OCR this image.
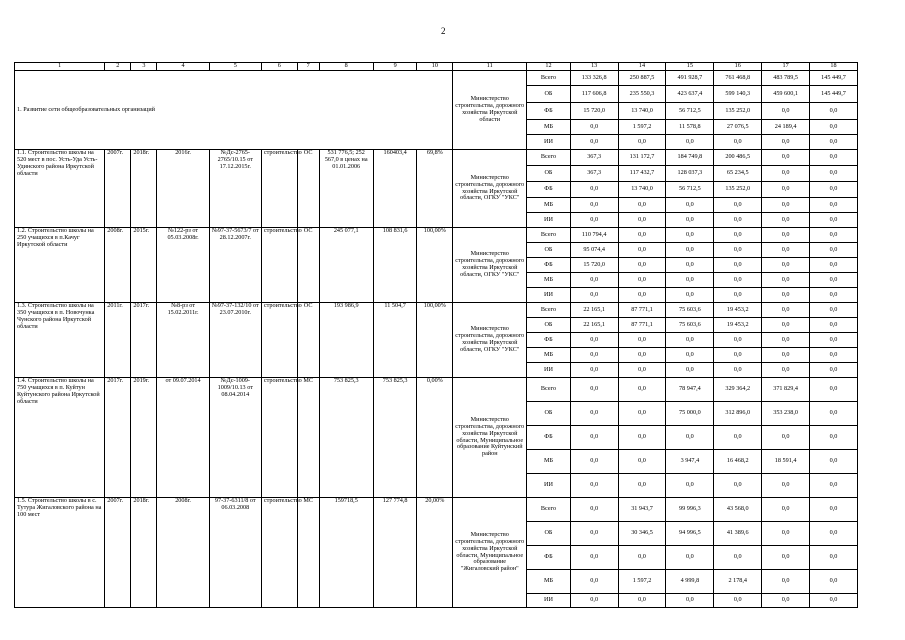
2
1	2	3	4	5	6	7	8	9	10	11	12	13	14	15	16	17	18
1. Развитие сети общеобразовательных организаций										Министерство строительства, дорожного хозяйства Иркутской области	Всего	133 326,8	250 887,5	491 928,7	761 468,8	483 789,5	145 449,7
											ОБ	117 606,8	235 550,3	423 637,4	599 140,3	459 600,1	145 449,7
											ФБ	15 720,0	13 740,0	56 712,5	135 252,0	0,0	0,0
											МБ	0,0	1 597,2	11 578,8	27 076,5	24 189,4	0,0
											ИИ	0,0	0,0	0,0	0,0	0,0	0,0
1.1. Строительство школы на 520 мест в пос. Усть-Уда Усть-Удинского района Иркутской области	2007г.	2018г.	2016г.	№Дс-2765-2765/10.15 от 17.12.2015г.	строительство	ОС	531 776,5; 252 567,0 в ценах на 01.01.2006	160403,4	69,8%	Министерство строительства, дорожного хозяйства Иркутской области, ОГКУ "УКС"	Всего	367,3	131 172,7	184 749,8	200 486,5	0,0	0,0
											ОБ	367,3	117 432,7	128 037,3	65 234,5	0,0	0,0
											ФБ	0,0	13 740,0	56 712,5	135 252,0	0,0	0,0
											МБ	0,0	0,0	0,0	0,0	0,0	0,0
											ИИ	0,0	0,0	0,0	0,0	0,0	0,0
1.2. Строительство школы на 250 учащихся в п.Качуг Иркутской области	2008г.	2015г.	№122-рз от 05.03.2008г.	№97-37-5673/7 от 28.12.2007г.	строительство	ОС	245 077,1	108 831,6	100,00%	Министерство строительства, дорожного хозяйства Иркутской области, ОГКУ "УКС"	Всего	110 794,4	0,0	0,0	0,0	0,0	0,0
											ОБ	95 074,4	0,0	0,0	0,0	0,0	0,0
											ФБ	15 720,0	0,0	0,0	0,0	0,0	0,0
											МБ	0,0	0,0	0,0	0,0	0,0	0,0
											ИИ	0,0	0,0	0,0	0,0	0,0	0,0
1.3. Строительство школы на 350 учащихся в п. Новочунка Чунского района Иркутской области	2011г.	2017г.	№8-рз от 15.02.2011г.	№97-37-132/10 от 23.07.2010г.	строительство	ОС	193 986,9	11 504,7	100,00%	Министерство строительства, дорожного хозяйства Иркутской области, ОГКУ "УКС"	Всего	22 165,1	87 771,1	75 603,6	19 453,2	0,0	0,0
											ОБ	22 165,1	87 771,1	75 603,6	19 453,2	0,0	0,0
											ФБ	0,0	0,0	0,0	0,0	0,0	0,0
											МБ	0,0	0,0	0,0	0,0	0,0	0,0
											ИИ	0,0	0,0	0,0	0,0	0,0	0,0
1.4. Строительство школы на 750 учащихся в п. Куйтун Куйтунского района Иркутской области	2017г.	2019г.	от 09.07.2014	№Дс-1009-1009/10.13 от 08.04.2014	строительство	МС	753 825,3	753 825,3	0,00%	Министерство строительства, дорожного хозяйства Иркутской области, Муниципальное образование Куйтунский район	Всего	0,0	0,0	78 947,4	329 364,2	371 829,4	0,0
											ОБ	0,0	0,0	75 000,0	312 896,0	353 238,0	0,0
											ФБ	0,0	0,0	0,0	0,0	0,0	0,0
											МБ	0,0	0,0	3 947,4	16 468,2	18 591,4	0,0
											ИИ	0,0	0,0	0,0	0,0	0,0	0,0
1.5. Строительство школы в с. Тутура Жигаловского района на 100 мест	2007г.	2018г.	2008г.	97-37-6311/8 от 06.03.2008	строительство	МС	159718,5	127 774,8	20,00%	Министерство строительства, дорожного хозяйства Иркутской области, Муниципальное образование "Жигаловский район"	Всего	0,0	31 943,7	99 996,3	43 568,0	0,0	0,0
											ОБ	0,0	30 346,5	94 996,5	41 389,6	0,0	0,0
											ФБ	0,0	0,0	0,0	0,0	0,0	0,0
											МБ	0,0	1 597,2	4 999,8	2 178,4	0,0	0,0
											ИИ	0,0	0,0	0,0	0,0	0,0	0,0
